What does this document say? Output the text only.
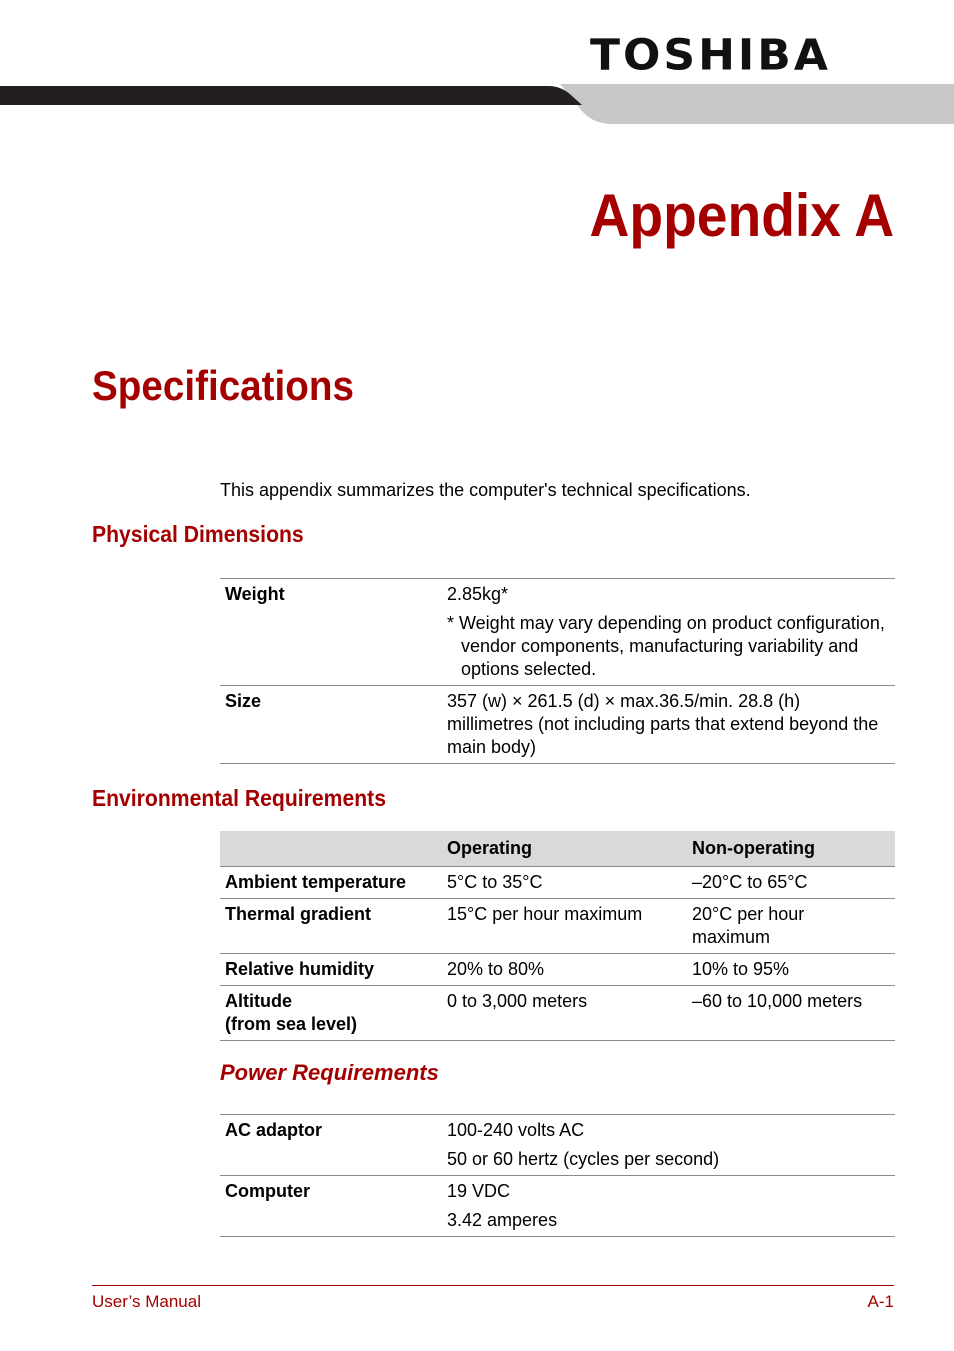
TOSHIBA
Appendix A
Specifications

This appendix summarizes the computer's technical specifications.

Physical Dimensions
Weight	2.85kg*
* Weight may vary depending on product configuration, vendor components, manufacturing variability and options selected.

Size	357 (w) × 261.5 (d) × max.36.5/min. 28.8 (h) millimetres (not including parts that extend beyond the main body)
Environmental Requirements
	Operating	Non-operating
Ambient temperature	5°C to 35°C	–20°C to 65°C
Thermal gradient	15°C per hour maximum	20°C per hour maximum
Relative humidity	20% to 80%	10% to 95%

Altitude
(from sea level)	0 to 3,000 meters	–60 to 10,000 meters
Power Requirements
AC adaptor	100-240 volts AC
50 or 60 hertz (cycles per second)

Computer	19 VDC
3.42 amperes
User’s Manual	A-1
